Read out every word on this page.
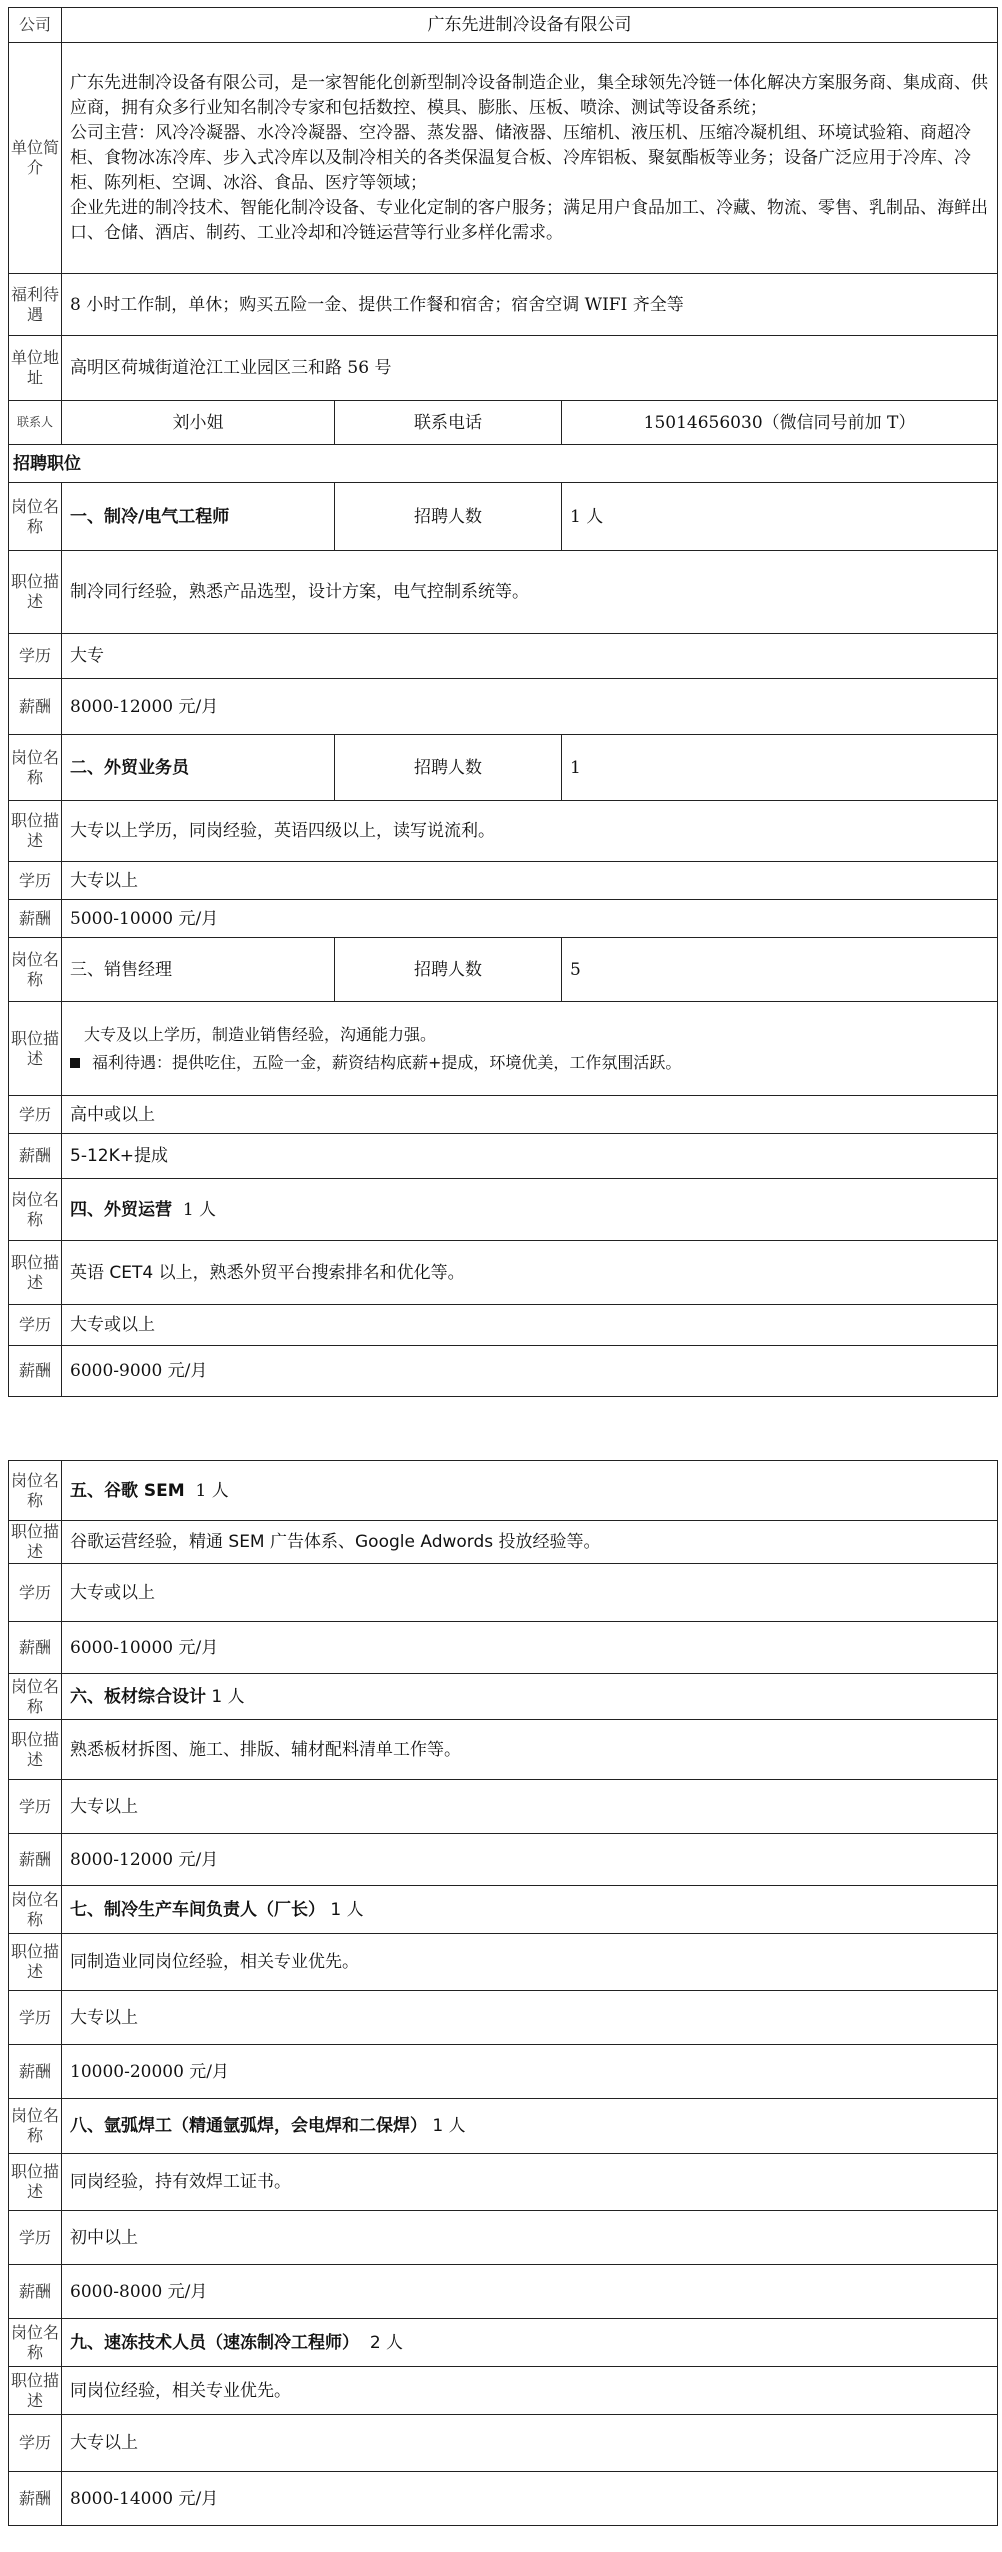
公司	广东先进制冷设备有限公司		
单位简介	广东先进制冷设备有限公司，是一家智能化创新型制冷设备制造企业，集全球领先冷链一体化解决方案服务商、集成商、供应商，拥有众多行业知名制冷专家和包括数控、模具、膨胀、压板、喷涂、测试等设备系统；

公司主营：风冷冷凝器、水冷冷凝器、空冷器、蒸发器、储液器、压缩机、液压机、压缩冷凝机组、环境试验箱、商超冷柜、食物冰冻冷库、步入式冷库以及制冷相关的各类保温复合板、冷库铝板、聚氨酯板等业务；设备广泛应用于冷库、冷柜、陈列柜、空调、冰浴、食品、医疗等领域；

企业先进的制冷技术、智能化制冷设备、专业化定制的客户服务；满足用户食品加工、冷藏、物流、零售、乳制品、海鲜出口、仓储、酒店、制药、工业冷却和冷链运营等行业多样化需求。		

福利待遇	8 小时工作制，单休；购买五险一金、提供工作餐和宿舍；宿舍空调 WIFI 齐全等		
单位地址	高明区荷城街道沧江工业园区三和路 56 号		
联系人	刘小姐	联系电话	15014656030（微信同号前加 T）
招聘职位			
岗位名称	一、制冷/电气工程师	招聘人数	1 人
职位描述	制冷同行经验，熟悉产品选型，设计方案，电气控制系统等。		
学历	大专		
薪酬	8000-12000 元/月		
岗位名称	二、外贸业务员	招聘人数	1
职位描述	大专以上学历，同岗经验，英语四级以上，读写说流利。		
学历	大专以上		
薪酬	5000-10000 元/月		
岗位名称	三、销售经理	招聘人数	5
职位描述	大专及以上学历，制造业销售经验，沟通能力强。
福利待遇：提供吃住，五险一金，薪资结构底薪+提成，环境优美，工作氛围活跃。		

学历	高中或以上		
薪酬	5-12K+提成		
岗位名称	四、外贸运营 1 人		
职位描述	英语 CET4 以上，熟悉外贸平台搜索排名和优化等。		
学历	大专或以上		
薪酬	6000-9000 元/月		
岗位名称	五、谷歌 SEM 1 人
职位描述	谷歌运营经验，精通 SEM 广告体系、Google Adwords 投放经验等。
学历	大专或以上
薪酬	6000-10000 元/月
岗位名称	六、板材综合设计 1 人
职位描述	熟悉板材拆图、施工、排版、辅材配料清单工作等。
学历	大专以上
薪酬	8000-12000 元/月
岗位名称	七、制冷生产车间负责人（厂长） 1 人
职位描述	同制造业同岗位经验，相关专业优先。
学历	大专以上
薪酬	10000-20000 元/月
岗位名称	八、氩弧焊工（精通氩弧焊，会电焊和二保焊） 1 人
职位描述	同岗经验，持有效焊工证书。
学历	初中以上
薪酬	6000-8000 元/月
岗位名称	九、速冻技术人员（速冻制冷工程师） 2 人
职位描述	同岗位经验，相关专业优先。
学历	大专以上
薪酬	8000-14000 元/月
